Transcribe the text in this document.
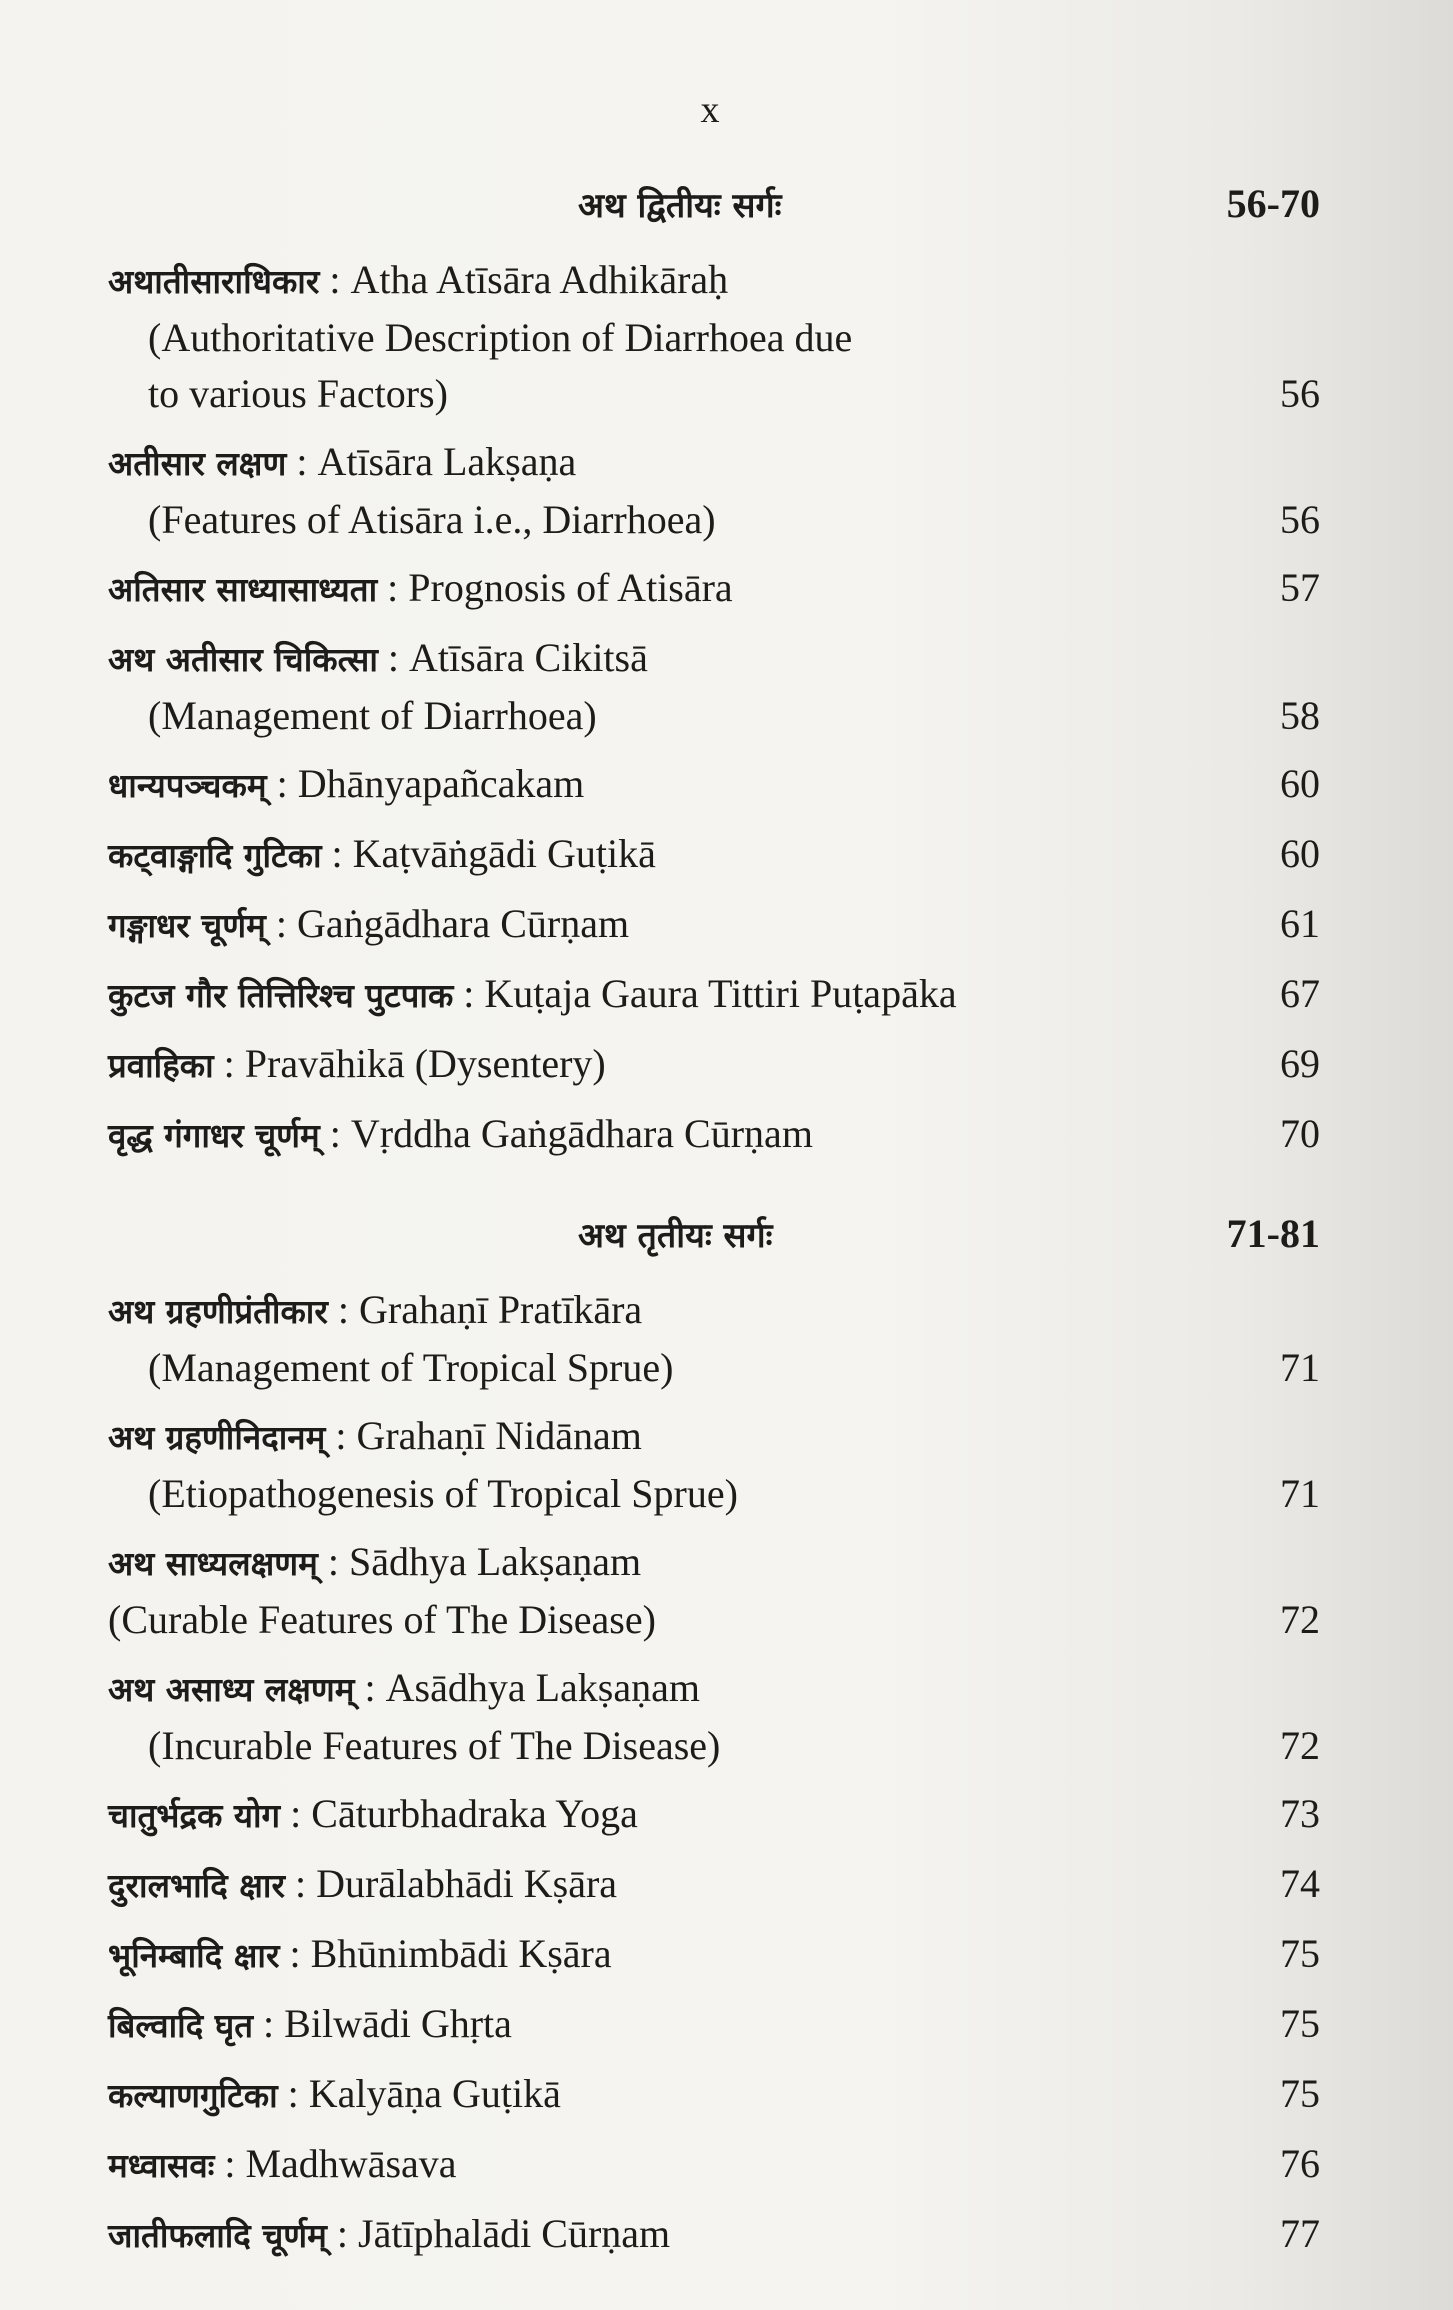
x
अथ द्वितीयः सर्गः	56-70
अथातीसाराधिकार : Atha Atīsāra Adhikāraḥ
(Authoritative Description of Diarrhoea due
to various Factors)	56
अतीसार लक्षण : Atīsāra Lakṣaṇa
(Features of Atisāra i.e., Diarrhoea)	56
अतिसार साध्यासाध्यता : Prognosis of Atisāra	57
अथ अतीसार चिकित्सा : Atīsāra Cikitsā
(Management of Diarrhoea)	58
धान्यपञ्चकम् : Dhānyapañcakam	60
कट्वाङ्गादि गुटिका : Kaṭvāṅgādi Guṭikā	60
गङ्गाधर चूर्णम् : Gaṅgādhara Cūrṇam	61
कुटज गौर तित्तिरिश्च पुटपाक : Kuṭaja Gaura Tittiri Puṭapāka	67
प्रवाहिका : Pravāhikā (Dysentery)	69
वृद्ध गंगाधर चूर्णम् : Vṛddha Gaṅgādhara Cūrṇam	70
अथ तृतीयः सर्गः	71-81
अथ ग्रहणीप्रंतीकार : Grahaṇī Pratīkāra
(Management of Tropical Sprue)	71
अथ ग्रहणीनिदानम् : Grahaṇī Nidānam
(Etiopathogenesis of Tropical Sprue)	71
अथ साध्यलक्षणम् : Sādhya Lakṣaṇam
(Curable Features of The Disease)	72
अथ असाध्य लक्षणम् : Asādhya Lakṣaṇam
(Incurable Features of The Disease)	72
चातुर्भद्रक योग : Cāturbhadraka Yoga	73
दुरालभादि क्षार : Durālabhādi Kṣāra	74
भूनिम्बादि क्षार : Bhūnimbādi Kṣāra	75
बिल्वादि घृत : Bilwādi Ghṛta	75
कल्याणगुटिका : Kalyāṇa Guṭikā	75
मध्वासवः : Madhwāsava	76
जातीफलादि चूर्णम् : Jātīphalādi Cūrṇam	77
